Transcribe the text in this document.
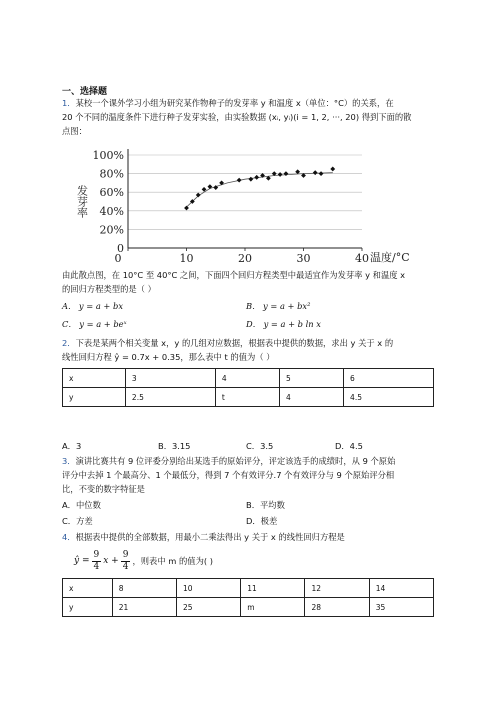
一、选择题
1．某校一个课外学习小组为研究某作物种子的发芽率 y 和温度 x（单位：°C）的关系，在
20 个不同的温度条件下进行种子发芽实验，由实验数据 (xᵢ, yᵢ)(i = 1, 2, ···, 20) 得到下面的散
点图：
0
20%
40%
60%
80%
100%
0	10	20	30	40
发芽率
温度/°C
由此散点图，在 10°C 至 40°C 之间，下面四个回归方程类型中最适宜作为发芽率 y 和温度 x
的回归方程类型的是（ ）
A． y = a + bx	B． y = a + bx²
C． y = a + beˣ	D． y = a + b ln x
2．下表是某两个相关变量 x，y 的几组对应数据，根据表中提供的数据，求出 y 关于 x 的
线性回归方程 ŷ = 0.7x + 0.35，那么表中 t 的值为（ ）
x	3	4	5	6
y	2.5	t	4	4.5
A．3	B．3.15	C．3.5	D．4.5
3．演讲比赛共有 9 位评委分别给出某选手的原始评分，评定该选手的成绩时，从 9 个原始
评分中去掉 1 个最高分、1 个最低分，得到 7 个有效评分.7 个有效评分与 9 个原始评分相
比，不变的数字特征是
A．中位数	B．平均数
C．方差	D．极差
4．根据表中提供的全部数据，用最小二乘法得出 y 关于 x 的线性回归方程是
ŷ = $\frac{9}{4}$ $x + \frac{9}{4}$ ，则表中 m 的值为( )
x	8	10	11	12	14
y	21	25	m	28	35
